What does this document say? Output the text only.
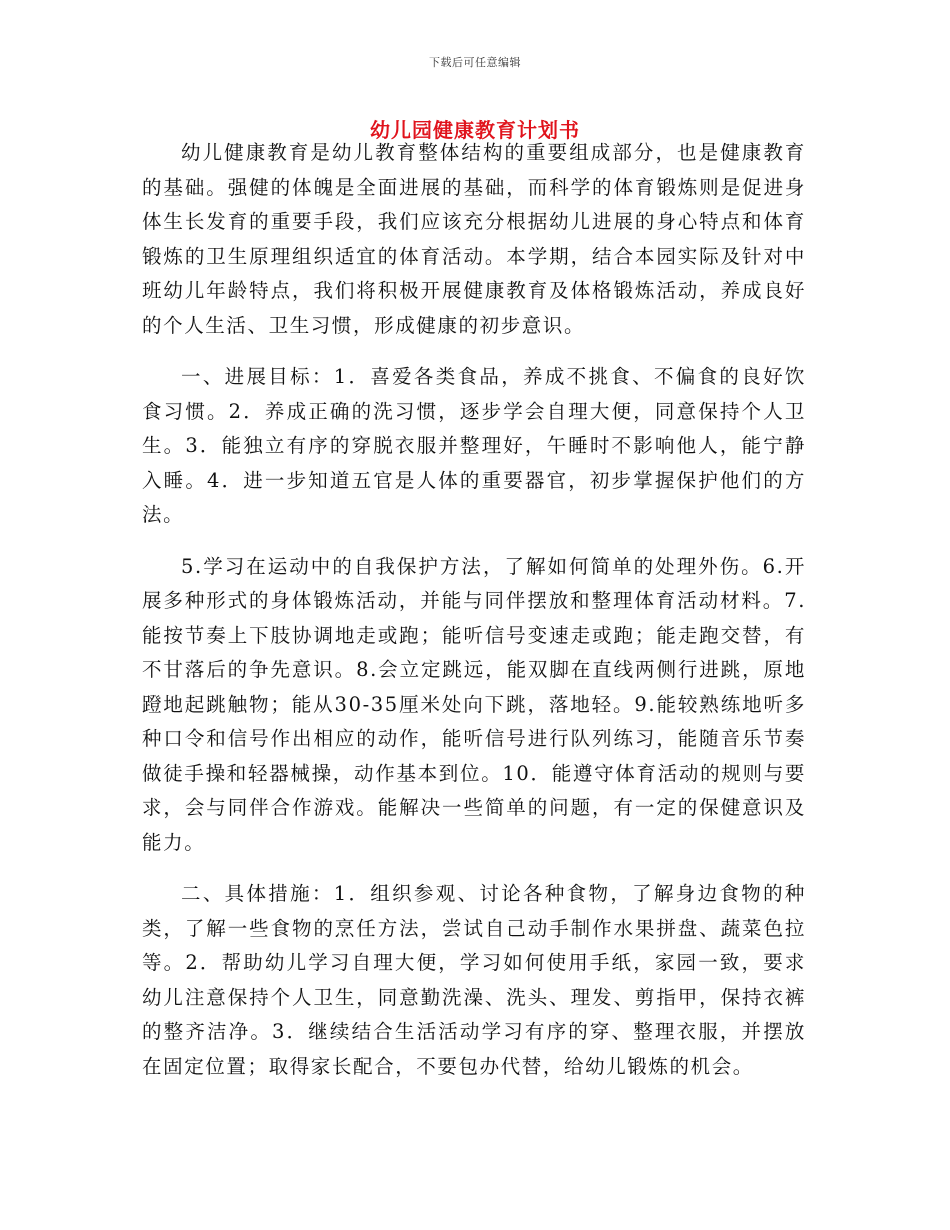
下载后可任意编辑
幼儿园健康教育计划书

幼儿健康教育是幼儿教育整体结构的重要组成部分，也是健康教育的基础。强健的体魄是全面进展的基础，而科学的体育锻炼则是促进身体生长发育的重要手段，我们应该充分根据幼儿进展的身心特点和体育锻炼的卫生原理组织适宜的体育活动。本学期，结合本园实际及针对中班幼儿年龄特点，我们将积极开展健康教育及体格锻炼活动，养成良好的个人生活、卫生习惯，形成健康的初步意识。

一、进展目标：1．喜爱各类食品，养成不挑食、不偏食的良好饮食习惯。2．养成正确的洗习惯，逐步学会自理大便，同意保持个人卫生。3．能独立有序的穿脱衣服并整理好，午睡时不影响他人，能宁静入睡。4．进一步知道五官是人体的重要器官，初步掌握保护他们的方法。

5.学习在运动中的自我保护方法，了解如何简单的处理外伤。6.开展多种形式的身体锻炼活动，并能与同伴摆放和整理体育活动材料。7.能按节奏上下肢协调地走或跑；能听信号变速走或跑；能走跑交替，有不甘落后的争先意识。8.会立定跳远，能双脚在直线两侧行进跳，原地蹬地起跳触物；能从30-35厘米处向下跳，落地轻。9.能较熟练地听多种口令和信号作出相应的动作，能听信号进行队列练习，能随音乐节奏做徒手操和轻器械操，动作基本到位。10．能遵守体育活动的规则与要求，会与同伴合作游戏。能解决一些简单的问题，有一定的保健意识及能力。

二、具体措施：1．组织参观、讨论各种食物，了解身边食物的种类，了解一些食物的烹任方法，尝试自己动手制作水果拼盘、蔬菜色拉等。2．帮助幼儿学习自理大便，学习如何使用手纸，家园一致，要求幼儿注意保持个人卫生，同意勤洗澡、洗头、理发、剪指甲，保持衣裤的整齐洁净。3．继续结合生活活动学习有序的穿、整理衣服，并摆放在固定位置；取得家长配合，不要包办代替，给幼儿锻炼的机会。
